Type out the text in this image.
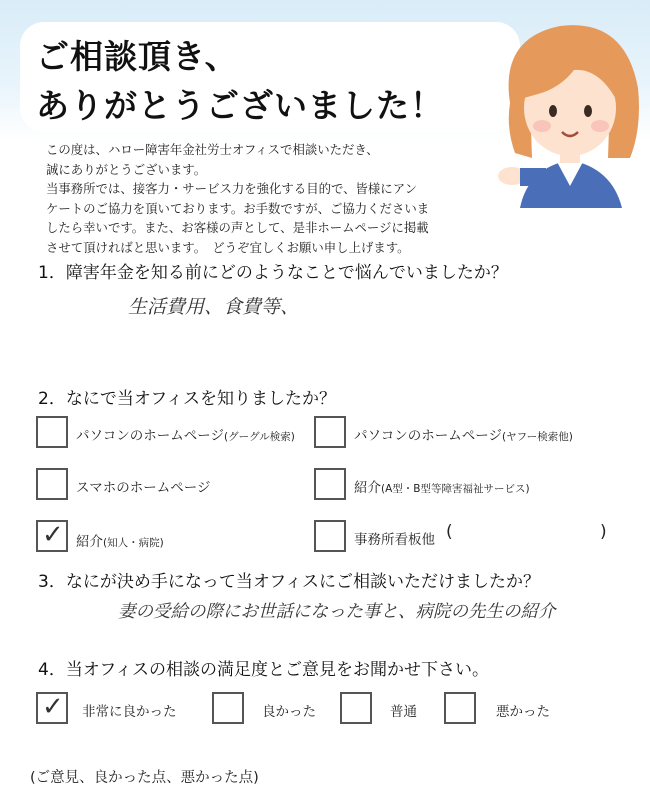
ご相談頂き、
ありがとうございました！
この度は、ハロー障害年金社労士オフィスで相談いただき、
誠にありがとうございます。
当事務所では、接客力・サービス力を強化する目的で、皆様にアン
ケートのご協力を頂いております。お手数ですが、ご協力くださいま
したら幸いです。また、お客様の声として、是非ホームページに掲載
させて頂ければと思います。　どうぞ宜しくお願い申し上げます。
1．障害年金を知る前にどのようなことで悩んでいましたか？
生活費用、食費等、
2．なにで当オフィスを知りましたか？
パソコンのホームページ(グーグル検索)	パソコンのホームページ(ヤフー検索他)
スマホのホームページ	紹介(A型・B型等障害福祉サービス)
✓ 紹介(知人・病院)	事務所看板他 (	)
3．なにが決め手になって当オフィスにご相談いただけましたか？
妻の受給の際にお世話になった事と、病院の先生の紹介
4．当オフィスの相談の満足度とご意見をお聞かせ下さい。
✓ 非常に良かった	良かった	普通	悪かった
(ご意見、良かった点、悪かった点)
